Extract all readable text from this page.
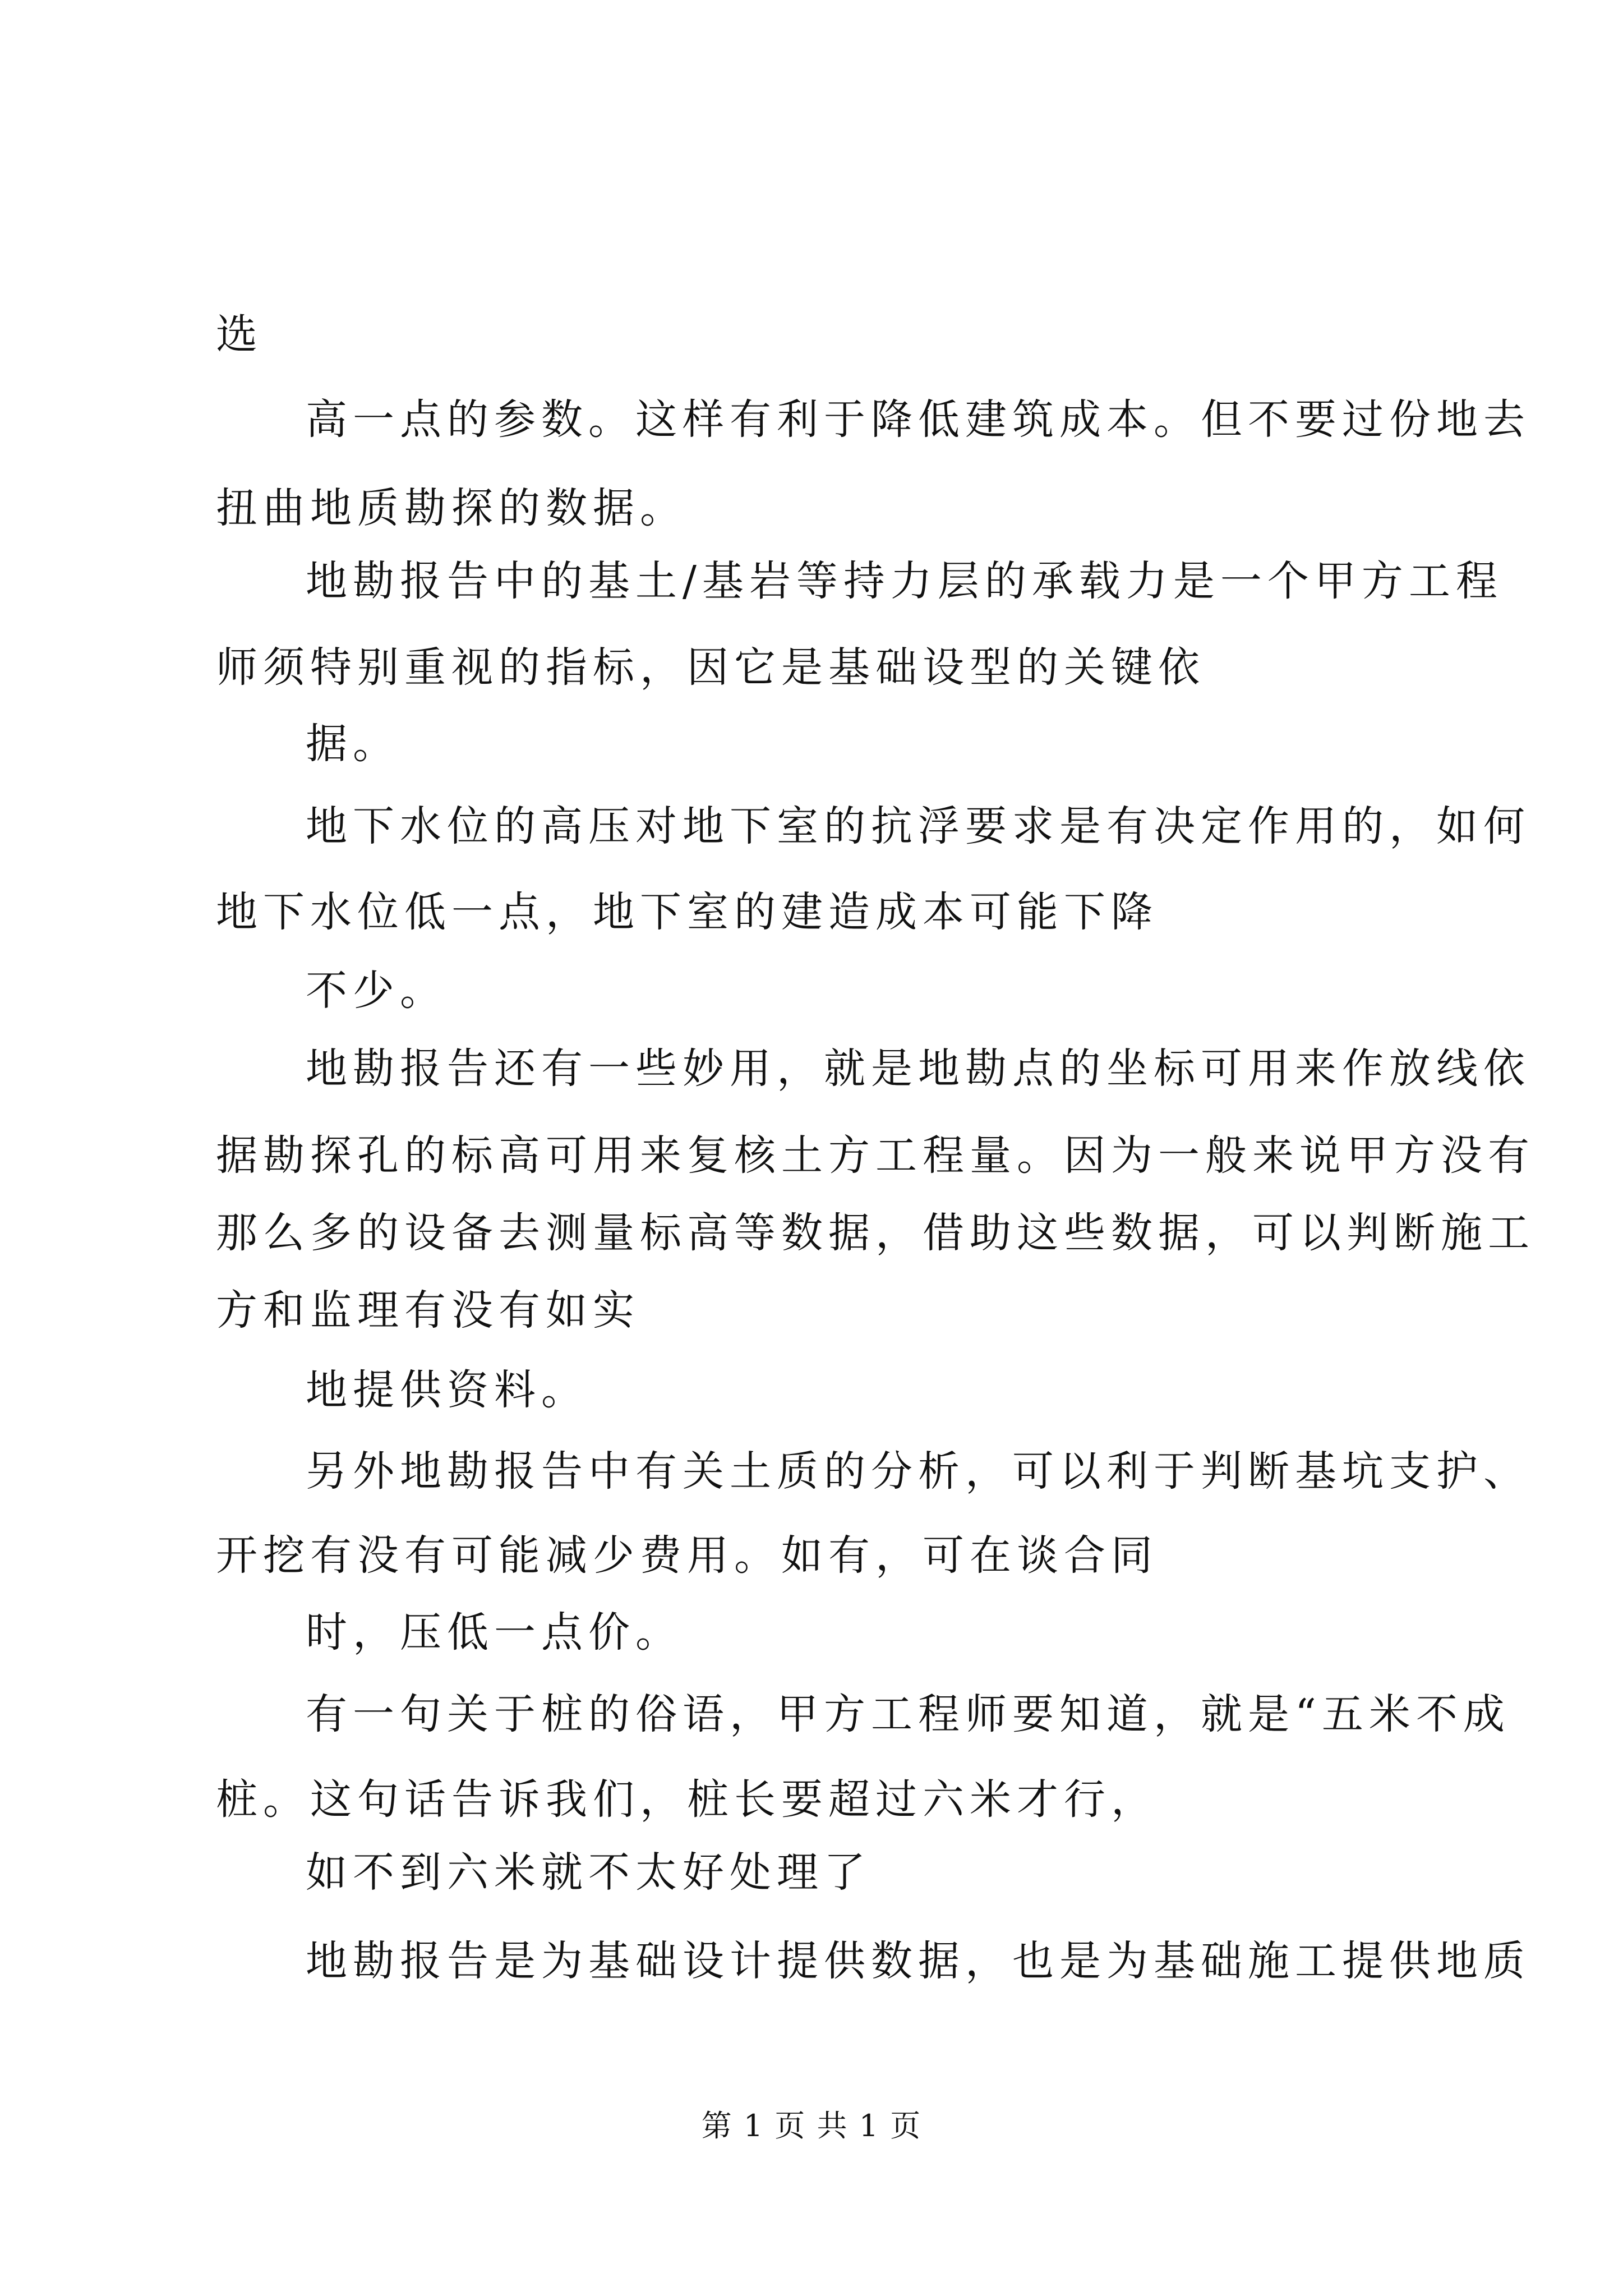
选
高一点的参数。这样有利于降低建筑成本。但不要过份地去
扭曲地质勘探的数据。
地勘报告中的基土/基岩等持力层的承载力是一个甲方工程
师须特别重视的指标，因它是基础设型的关键依
据。
地下水位的高压对地下室的抗浮要求是有决定作用的，如何
地下水位低一点，地下室的建造成本可能下降
不少。
地勘报告还有一些妙用，就是地勘点的坐标可用来作放线依
据勘探孔的标高可用来复核土方工程量。因为一般来说甲方没有
那么多的设备去测量标高等数据，借助这些数据，可以判断施工
方和监理有没有如实
地提供资料。
另外地勘报告中有关土质的分析，可以利于判断基坑支护、
开挖有没有可能减少费用。如有，可在谈合同
时，压低一点价。
有一句关于桩的俗语，甲方工程师要知道，就是“五米不成
桩。这句话告诉我们，桩长要超过六米才行，
如不到六米就不太好处理了
地勘报告是为基础设计提供数据，也是为基础施工提供地质
第 1 页 共 1 页
